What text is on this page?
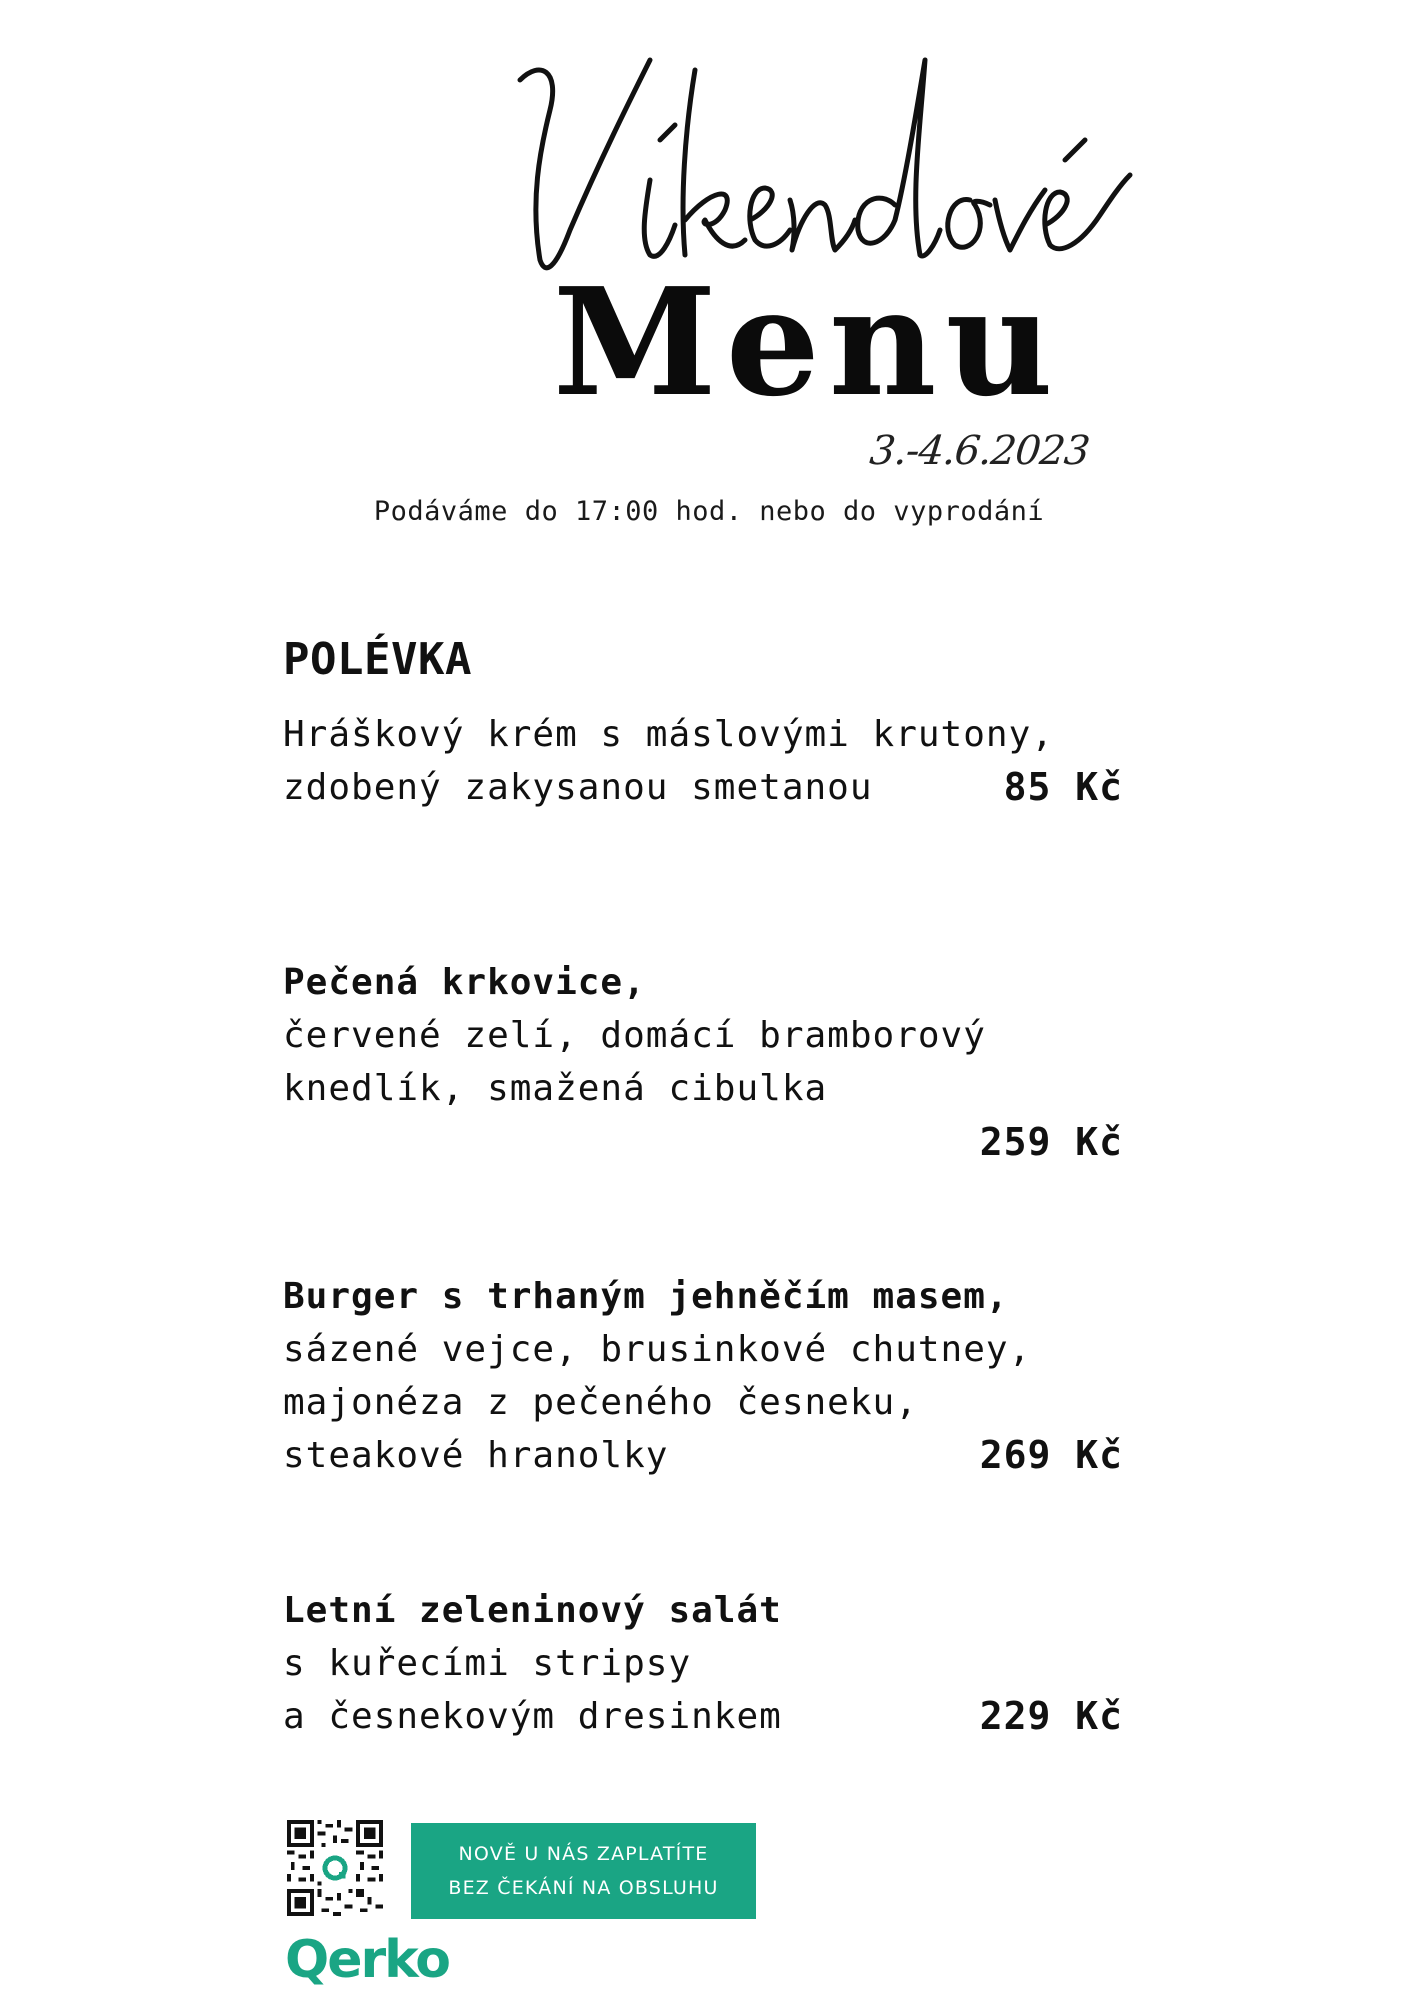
Menu
3.-4.6.2023
Podáváme do 17:00 hod. nebo do vyprodání
POLÉVKA
Hráškový krém s máslovými krutony,
zdobený zakysanou smetanou	85 Kč
Pečená krkovice,
červené zelí, domácí bramborový
knedlík, smažená cibulka
259 Kč
Burger s trhaným jehněčím masem,
sázené vejce, brusinkové chutney,
majonéza z pečeného česneku,
steakové hranolky	269 Kč
Letní zeleninový salát
s kuřecími stripsy
a česnekovým dresinkem	229 Kč
NOVĚ U NÁS ZAPLATÍTE
BEZ ČEKÁNÍ NA OBSLUHU
Qerko
